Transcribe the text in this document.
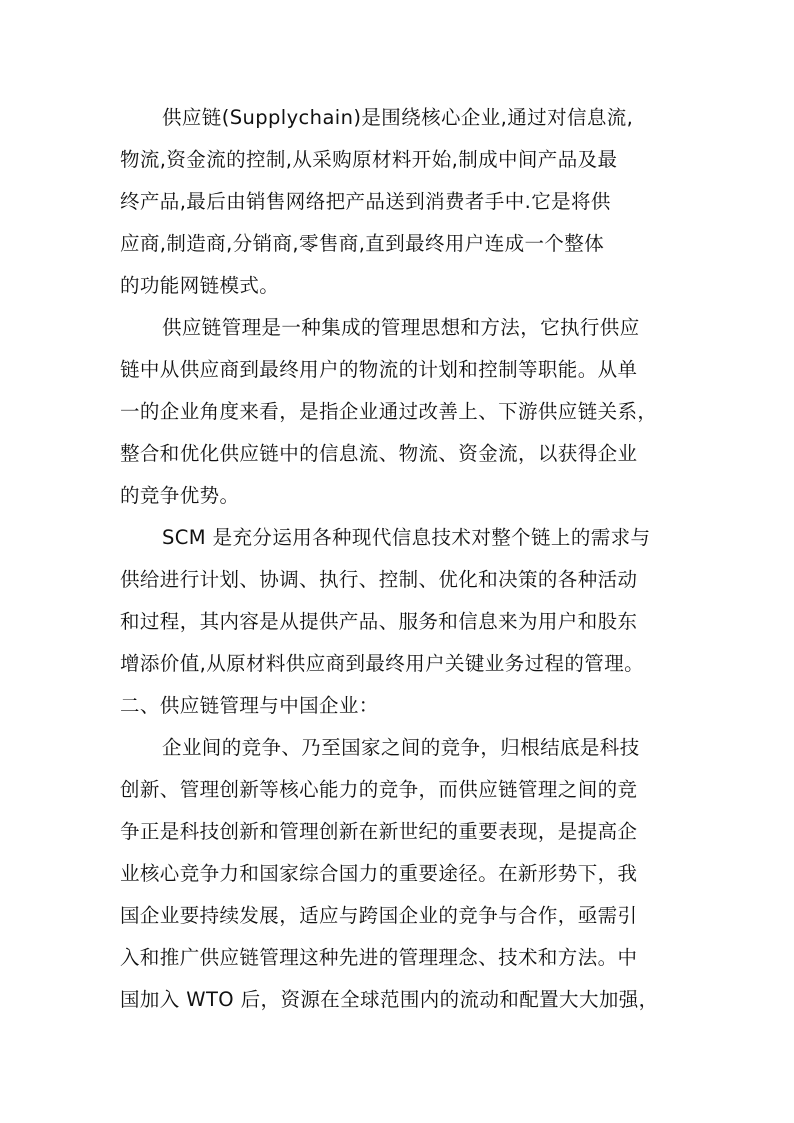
供应链(Supplychain)是围绕核心企业,通过对信息流,

物流,资金流的控制,从采购原材料开始,制成中间产品及最

终产品,最后由销售网络把产品送到消费者手中.它是将供

应商,制造商,分销商,零售商,直到最终用户连成一个整体

的功能网链模式。

供应链管理是一种集成的管理思想和方法，它执行供应

链中从供应商到最终用户的物流的计划和控制等职能。从单

一的企业角度来看，是指企业通过改善上、下游供应链关系，

整合和优化供应链中的信息流、物流、资金流，以获得企业

的竞争优势。

SCM 是充分运用各种现代信息技术对整个链上的需求与

供给进行计划、协调、执行、控制、优化和决策的各种活动

和过程，其内容是从提供产品、服务和信息来为用户和股东

增添价值,从原材料供应商到最终用户关键业务过程的管理。

二、供应链管理与中国企业：

企业间的竞争、乃至国家之间的竞争，归根结底是科技

创新、管理创新等核心能力的竞争，而供应链管理之间的竞

争正是科技创新和管理创新在新世纪的重要表现，是提高企

业核心竞争力和国家综合国力的重要途径。在新形势下，我

国企业要持续发展，适应与跨国企业的竞争与合作，亟需引

入和推广供应链管理这种先进的管理理念、技术和方法。中

国加入 WTO 后，资源在全球范围内的流动和配置大大加强，
